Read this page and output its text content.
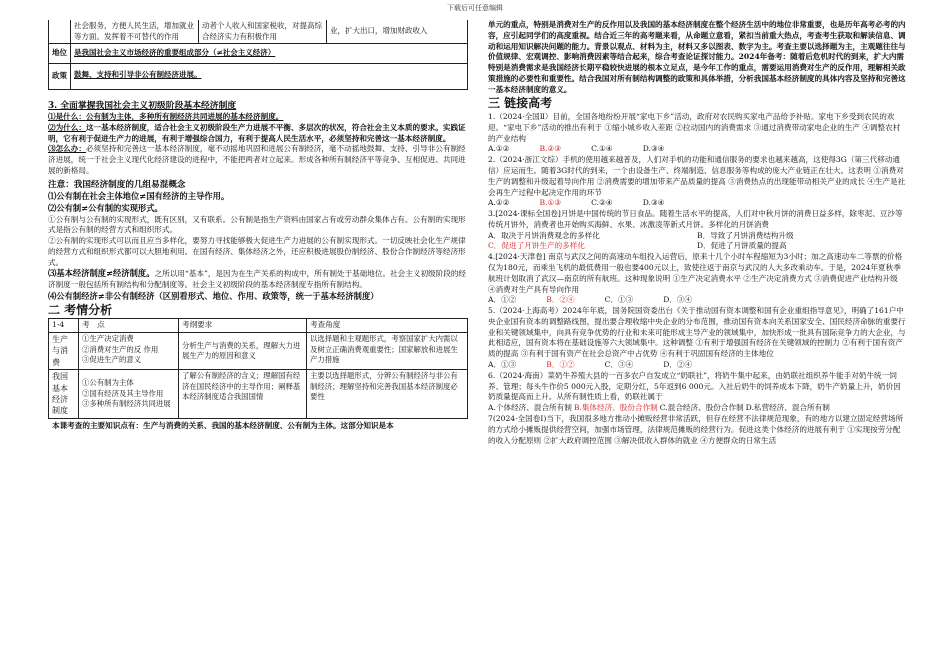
下载后可任意编辑
	社会服务，方便人民生活，增加就业等方面。发挥着不可替代的作用	动者个人收入和国家税收，对提高综合经济实力有积极作用	业，扩大出口，增加财政收入
地位	是我国社会主义市场经济的重要组成部分（≠社会主义经济）		
政策	鼓舞、支持和引导非公有制经济进展。		

3. 全面掌握我国社会主义初级阶段基本经济制度

⑴是什么：公有制为主体，多种所有制经济共同进展的基本经济制度。

⑵为什么：这一基本经济制度，适合社会主义初级阶段生产力进展不平衡、多层次的状况，符合社会主义本质的要求。实践证明，它有利于促进生产力的进展，有利于增强综合国力，有利于提高人民生活水平，必须坚持和完善这一基本经济制度。

⑶怎么办：必须坚持和完善这一基本经济制度，毫不动摇地巩固和进展公有制经济，毫不动摇地鼓舞、支持、引导非公有制经济进展，统一于社会主义现代化经济建设的进程中，不能把两者对立起来。形成各种所有制经济平等竞争、互相促进、共同进展的新格局。

注意：我国经济制度的几组易混概念

⑴公有制在社会主体地位≠国有经济的主导作用。

⑵公有制≠公有制的实现形式。

①公有制与公有制的实现形式，既有区别，又有联系。公有制是指生产资料由国家占有或劳动群众集体占有。公有制的实现形式是指公有制的经营方式和组织形式。
②公有制的实现形式可以而且应当多样化，要努力寻找能够极大促进生产力进展的公有制实现形式。一切反映社会化生产规律的经营方式和组织形式都可以大胆地利用。在国有经济、集体经济之外，还应积极进展股份制经济、股份合作制经济等经济形式。

⑶基本经济制度≠经济制度。之所以用“基本”，是因为在生产关系的构成中，所有制处于基础地位。社会主义初级阶段的经济制度一般包括所有制结构和分配制度等。社会主义初级阶段的基本经济制度专指所有制结构。

⑷公有制经济≠非公有制经济（区别看形式、地位、作用、政策等，统一于基本经济制度）

二 考情分析

1-4	考　点	考纲要求	考查角度
生产与消费	①生产决定消费
②消费对生产的反 作用
③促进生产的意义	分析生产与消费的关系，理解大力进展生产力的原因和意义	以选择题和主观题形式，考察国家扩大内需以及树立正确消费观重要性；国家解放和进展生产力措施
我国基本经济制度	①公有制为主体
②国有经济及其主导作用
③多种所有制经济共同进展	了解公有制经济的含义；理解国有经济在国民经济中的主导作用；阐释基本经济制度适合我国国情	主要以选择题形式，分辨公有制经济与非公有制经济；理解坚持和完善我国基本经济制度必要性

本课考查的主要知识点有：生产与消费的关系、我国的基本经济制度、公有制为主体。这部分知识是本

单元的重点，特别是消费对生产的反作用以及我国的基本经济制度在整个经济生活中的地位非常重要，也是历年高考必考的内容，应引起同学们的高度重视。结合近三年的高考题来看，从命题立意看，紧扣当前重大热点，考查考生获取和解读信息、调动和运用知识解决问题的能力。背景以观点、材料为主，材料又多以图表、数字为主。考查主要以选择题为主，主观题往往与价值规律、宏观调控、影响消费因素等结合起来，综合考查论证探讨能力。2024年备考：随着后危机时代的到来，扩大内需特别是消费需求是我国经济长期平稳较快进展的根本立足点，是今年工作的重点，需要运用消费对生产的反作用，理解相关政策措施的必要性和重要性。结合我国对所有制结构调整的政策和具体举措，分析我国基本经济制度的具体内容及坚持和完善这一基本经济制度的意义。

三 链接高考

1.（2024·全国Ⅱ）目前，全国各地纷纷开展“家电下乡”活动，政府对农民购买家电产品给予补贴。家电下乡受到农民的欢迎。“家电下乡”活动的推出有利于 ①缩小城乡收入差距 ②拉动国内的消费需求 ③通过消费带动家电企业的生产 ④调整农村的产业结构

A.①②	B.②③	C.①④	D.③④

2.（2024·浙江文综）手机的使用越来越普及，人们对手机的功能和通信服务的要求也越来越高，这使得3G（第三代移动通信）应运而生。随着3G时代的到来，一个由设备生产、终端制造、信息服务等构成的庞大产业链正在壮大。这表明 ①消费对生产的调整和升级起着导向作用 ②消费需要的增加带来产品质量的提高 ③消费热点的出现能带动相关产业的成长 ④生产是社会再生产过程中起决定作用的环节

A.①②	B.①③	C.②④	D.③④

3.[2024·课标全国卷]月饼是中国传统的节日食品。随着生活水平的提高，人们对中秋月饼的消费日益多样，除枣泥、豆沙等传统月饼外，消费者也开始购买海鲜、水果、冰激凌等新式月饼。多样化的月饼消费

A．取决于月饼消费观念的多样化	B．导致了月饼消费结构升级
C．促进了月饼生产的多样化	D．促进了月饼质量的提高

4.[2024·天津卷] 南京与武汉之间的高速动车组投入运营后，原来十几个小时车程缩短为3小时；加之高速动车二等票的价格仅为180元，而乘坐飞机的最低费用一般也要400元以上，致使往返于南京与武汉的人大多改乘动车。于是，2024年夏秋季航班计划取消了武汉—南京的所有航班。这种现象说明 ①生产决定消费水平 ②生产决定消费方式 ③消费促进产业结构升级 ④消费对生产具有导向作用

A．①②	B．②④	C．①③	D．③④

5.（2024·上海高考）2024年年底，国务院国资委出台《关于推动国有资本调整和国有企业重组指导意见》，明确了161户中央企业国有资本的调整路线图，提出要合理收缩中央企业的分布范围，推动国有资本向关系国家安全、国民经济命脉的重要行业和关键领域集中，向具有竞争优势的行业和未来可能形成主导产业的领域集中，加快形成一批具有国际竞争力的大企业，与此相适应，国有资本将在基础设施等六大领域集中。这种调整 ①有利于增强国有经济在关键领域的控制力 ②有利于国有资产质的提高 ③有利于国有资产在社会总资产中占优势 ④有利于巩固国有经济的主体地位

A．①③	B．①②	C．③④	D．②④

6.（2024·海南）菜奶牛养殖大县的一百多农户自发成立“奶联社”，将奶牛集中起来，由奶联社组织养牛能手对奶牛统一饲养、管理；每头牛作价5 000元入股，定期分红，5年返到6 000元。入社后奶牛的饲养成本下降，奶牛产奶量上升，奶价因奶质量提高而上升。从所有制性质上看，奶联社属于

A.个体经济、混合所有制 B.集体经济、股份合作制 C.混合经济、股份合作制 D.私营经济、混合所有制

7(2024·全国卷Ⅰ)当下，我国很多地方推动小摊贩经营非常活跃，但存在经营不法律规范现象，有的地方以建立固定经营场所的方式给小摊贩提供经营空间，加强市场管理，法律规范摊贩的经营行为。促进这类个体经济的进展有利于 ①实现按劳分配的收入分配原则 ②扩大政府调控范围 ③解决低收入群体的就业 ④方便群众的日常生活
